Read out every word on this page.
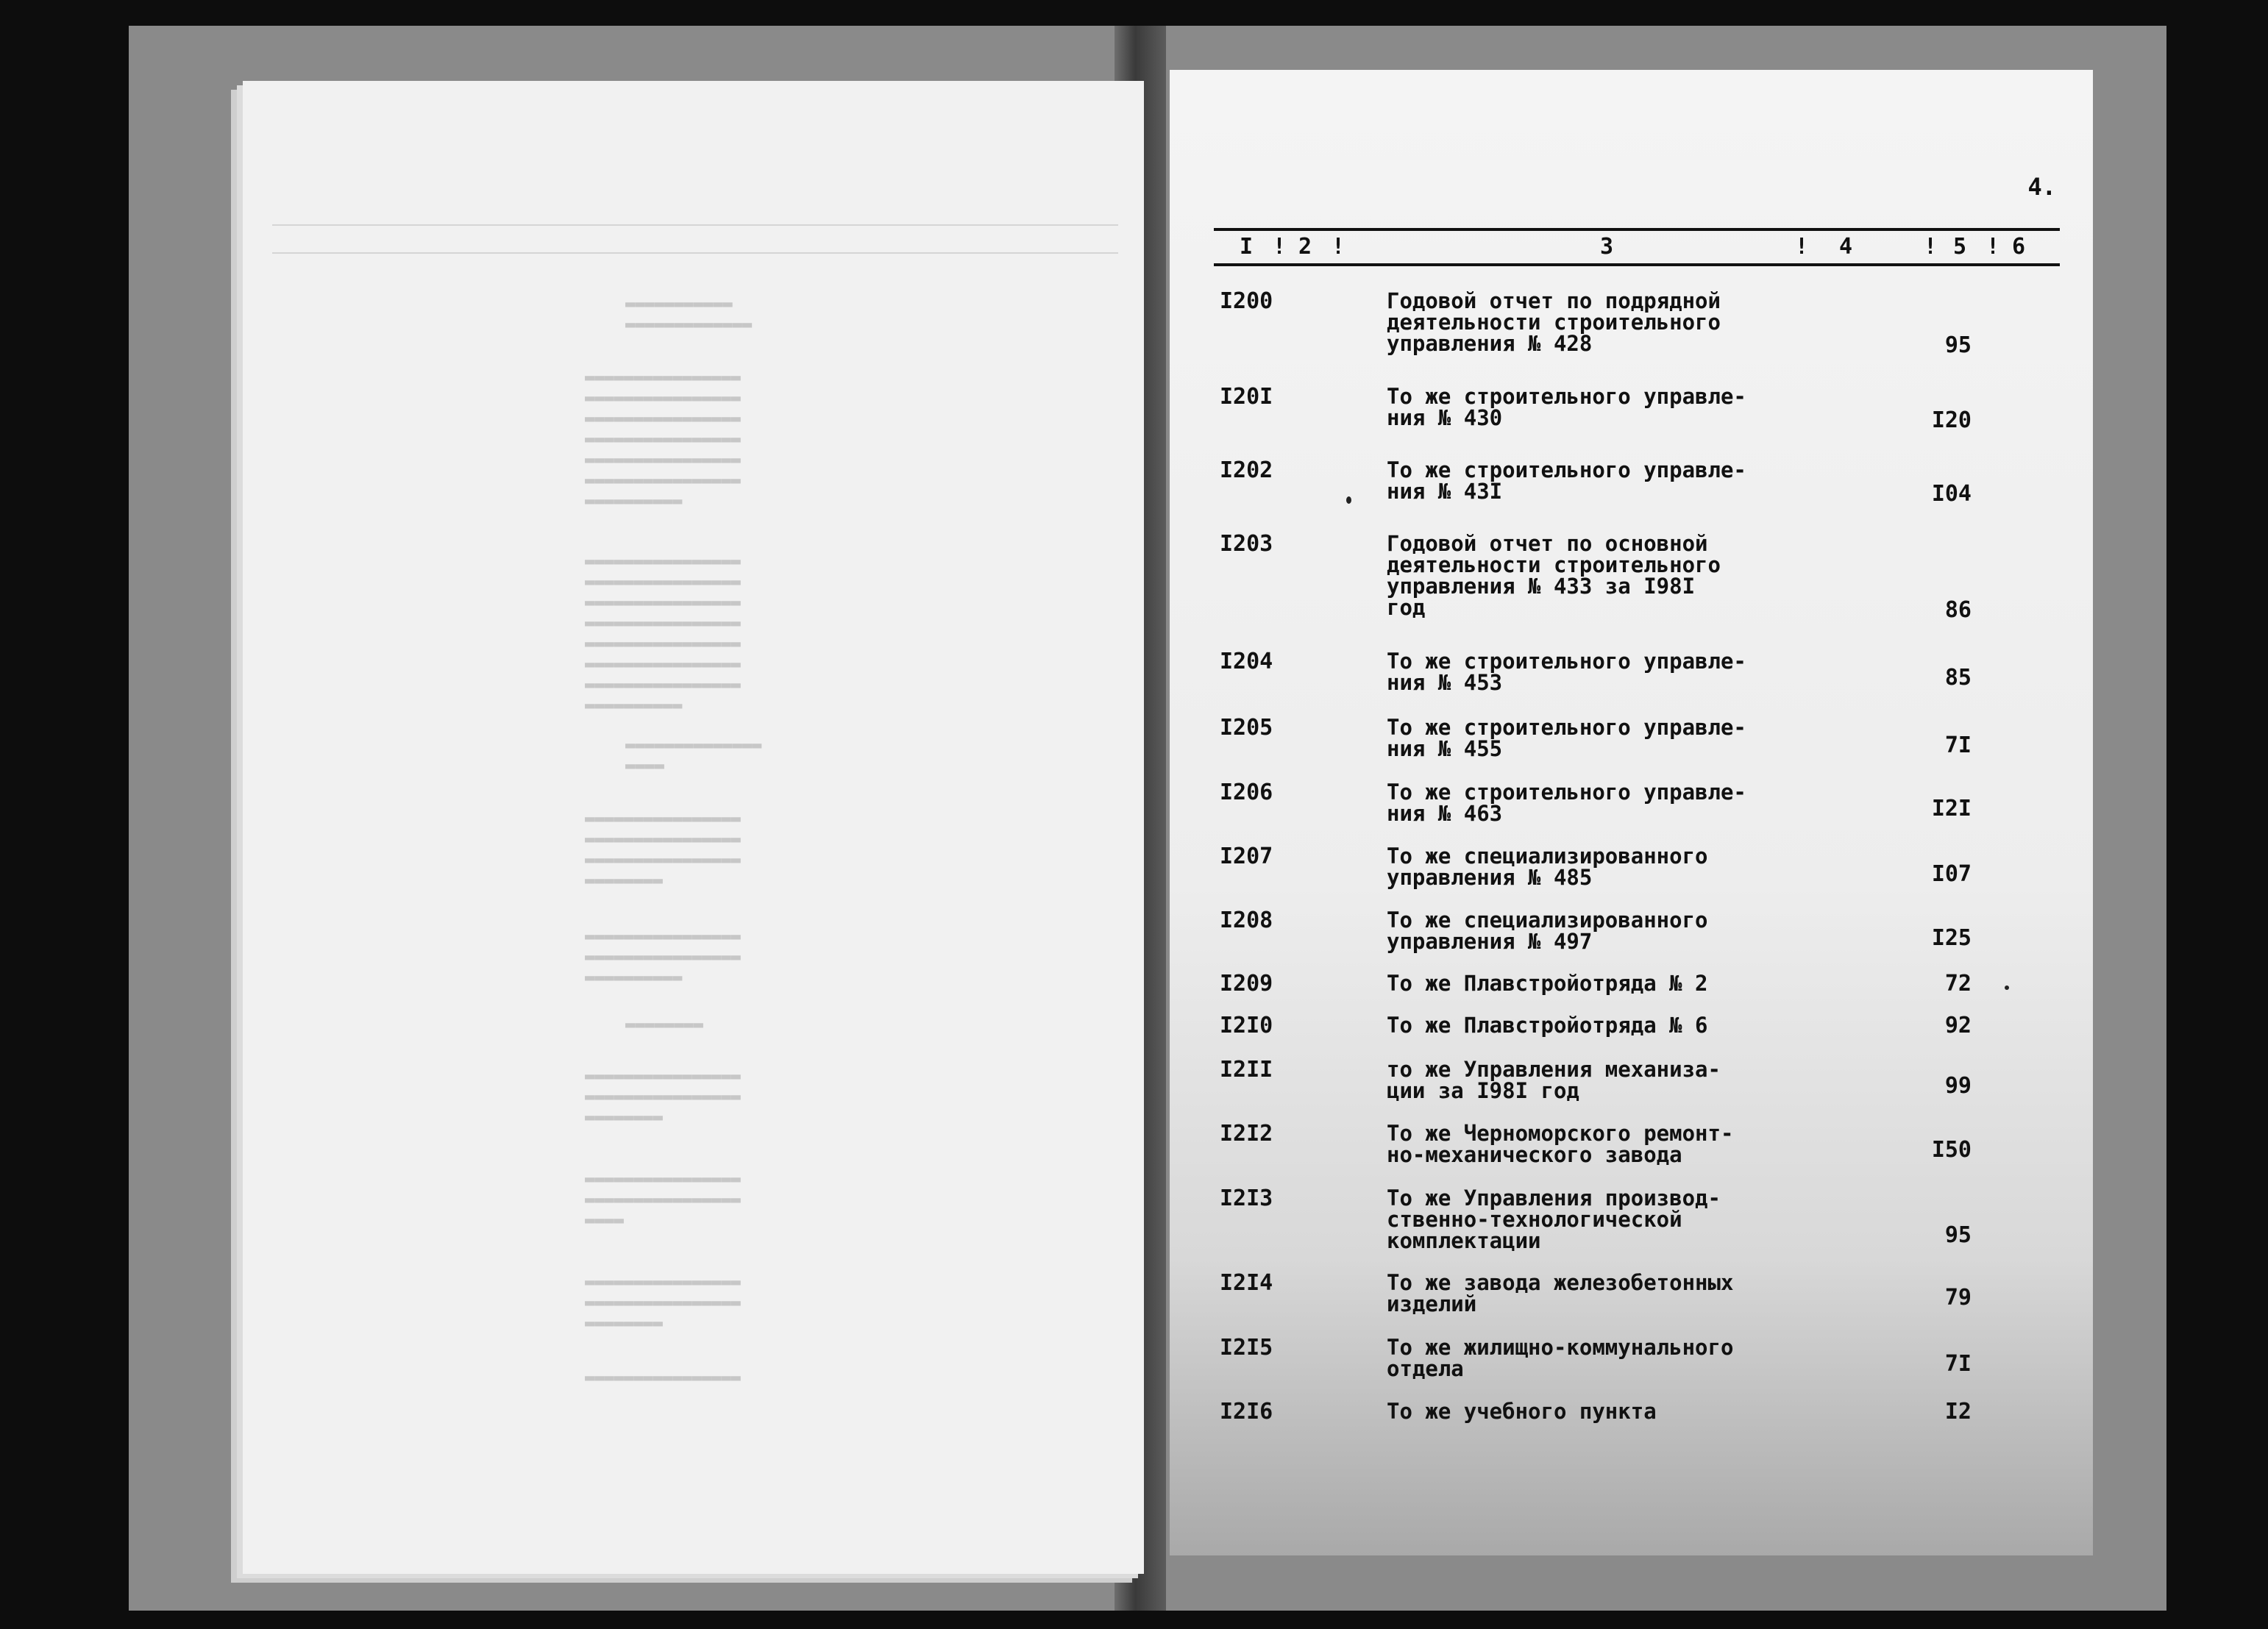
▬▬▬▬▬▬▬▬▬▬▬
▬▬▬▬▬▬▬▬▬▬▬▬▬
▬▬▬▬▬▬▬▬▬▬▬▬▬▬▬▬
▬▬▬▬▬▬▬▬▬▬▬▬▬▬▬▬
▬▬▬▬▬▬▬▬▬▬▬▬▬▬▬▬
▬▬▬▬▬▬▬▬▬▬▬▬▬▬▬▬
▬▬▬▬▬▬▬▬▬▬▬▬▬▬▬▬
▬▬▬▬▬▬▬▬▬▬▬▬▬▬▬▬
▬▬▬▬▬▬▬▬▬▬
▬▬▬▬▬▬▬▬▬▬▬▬▬▬▬▬
▬▬▬▬▬▬▬▬▬▬▬▬▬▬▬▬
▬▬▬▬▬▬▬▬▬▬▬▬▬▬▬▬
▬▬▬▬▬▬▬▬▬▬▬▬▬▬▬▬
▬▬▬▬▬▬▬▬▬▬▬▬▬▬▬▬
▬▬▬▬▬▬▬▬▬▬▬▬▬▬▬▬
▬▬▬▬▬▬▬▬▬▬▬▬▬▬▬▬
▬▬▬▬▬▬▬▬▬▬
▬▬▬▬▬▬▬▬▬▬▬▬▬▬
▬▬▬▬
▬▬▬▬▬▬▬▬▬▬▬▬▬▬▬▬
▬▬▬▬▬▬▬▬▬▬▬▬▬▬▬▬
▬▬▬▬▬▬▬▬▬▬▬▬▬▬▬▬
▬▬▬▬▬▬▬▬
▬▬▬▬▬▬▬▬▬▬▬▬▬▬▬▬
▬▬▬▬▬▬▬▬▬▬▬▬▬▬▬▬
▬▬▬▬▬▬▬▬▬▬
▬▬▬▬▬▬▬▬
▬▬▬▬▬▬▬▬▬▬▬▬▬▬▬▬
▬▬▬▬▬▬▬▬▬▬▬▬▬▬▬▬
▬▬▬▬▬▬▬▬
▬▬▬▬▬▬▬▬▬▬▬▬▬▬▬▬
▬▬▬▬▬▬▬▬▬▬▬▬▬▬▬▬
▬▬▬▬
▬▬▬▬▬▬▬▬▬▬▬▬▬▬▬▬
▬▬▬▬▬▬▬▬▬▬▬▬▬▬▬▬
▬▬▬▬▬▬▬▬
▬▬▬▬▬▬▬▬▬▬▬▬▬▬▬▬
4.
I ! 2 !	3	! 4	! 5 ! 6
I200	Годовой отчет по подрядной
деятельности строительного
управления № 428	95
I20I	То же строительного управле-
ния № 430	I20
I202	То же строительного управле-
ния № 43I	I04
I203	Годовой отчет по основной
деятельности строительного
управления № 433 за I98I
год	86
I204	То же строительного управле-
ния № 453	85
I205	То же строительного управле-
ния № 455	7I
I206	То же строительного управле-
ния № 463	I2I
I207	То же специализированного
управления № 485	I07
I208	То же специализированного
управления № 497	I25
I209	То же Плавстройотряда № 2	72
I2I0	То же Плавстройотряда № 6	92
I2II	то же Управления механиза-
ции за I98I год	99
I2I2	То же Черноморского ремонт-
но-механического завода	I50
I2I3	То же Управления производ-
ственно-технологической
комплектации	95
I2I4	То же завода железобетонных
изделий	79
I2I5	То же жилищно-коммунального
отдела	7I
I2I6	То же учебного пункта	I2
